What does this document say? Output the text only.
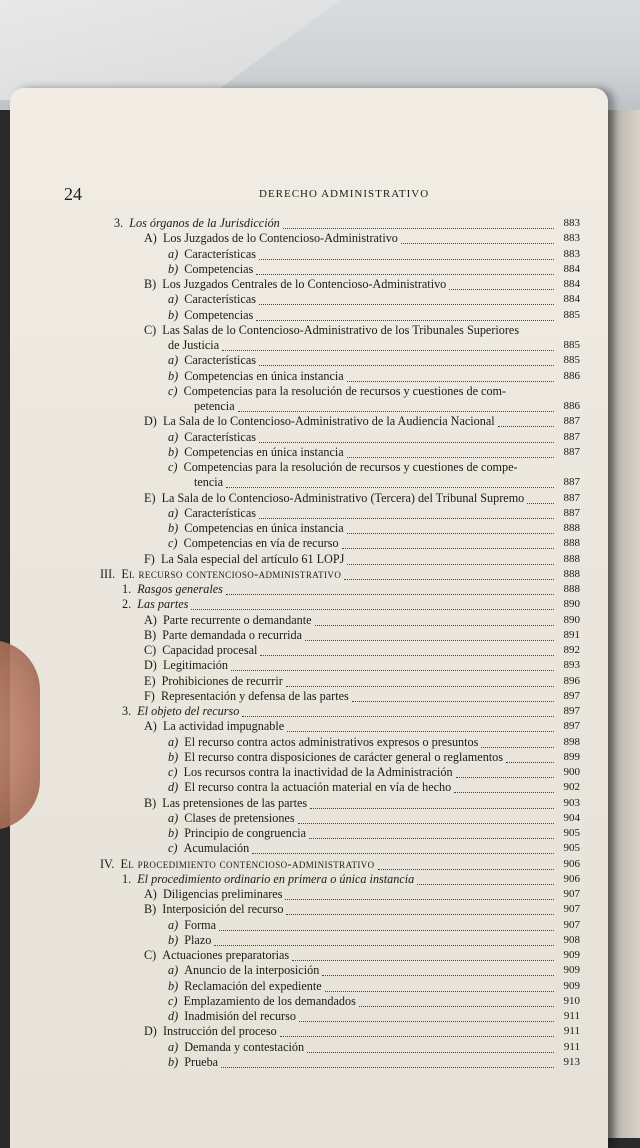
24	DERECHO ADMINISTRATIVO
3. Los órganos de la Jurisdicción	883
A) Los Juzgados de lo Contencioso-Administrativo	883
a) Características	883
b) Competencias	884
B) Los Juzgados Centrales de lo Contencioso-Administrativo	884
a) Características	884
b) Competencias	885
C) Las Salas de lo Contencioso-Administrativo de los Tribunales Superiores
de Justicia	885
a) Características	885
b) Competencias en única instancia	886
c) Competencias para la resolución de recursos y cuestiones de com-
petencia	886
D) La Sala de lo Contencioso-Administrativo de la Audiencia Nacional	887
a) Características	887
b) Competencias en única instancia	887
c) Competencias para la resolución de recursos y cuestiones de compe-
tencia	887
E) La Sala de lo Contencioso-Administrativo (Tercera) del Tribunal Supremo	887
a) Características	887
b) Competencias en única instancia	888
c) Competencias en vía de recurso	888
F) La Sala especial del artículo 61 LOPJ	888
III. El recurso contencioso-administrativo	888
1. Rasgos generales	888
2. Las partes	890
A) Parte recurrente o demandante	890
B) Parte demandada o recurrida	891
C) Capacidad procesal	892
D) Legitimación	893
E) Prohibiciones de recurrir	896
F) Representación y defensa de las partes	897
3. El objeto del recurso	897
A) La actividad impugnable	897
a) El recurso contra actos administrativos expresos o presuntos	898
b) El recurso contra disposiciones de carácter general o reglamentos	899
c) Los recursos contra la inactividad de la Administración	900
d) El recurso contra la actuación material en vía de hecho	902
B) Las pretensiones de las partes	903
a) Clases de pretensiones	904
b) Principio de congruencia	905
c) Acumulación	905
IV. El procedimiento contencioso-administrativo	906
1. El procedimiento ordinario en primera o única instancia	906
A) Diligencias preliminares	907
B) Interposición del recurso	907
a) Forma	907
b) Plazo	908
C) Actuaciones preparatorias	909
a) Anuncio de la interposición	909
b) Reclamación del expediente	909
c) Emplazamiento de los demandados	910
d) Inadmisión del recurso	911
D) Instrucción del proceso	911
a) Demanda y contestación	911
b) Prueba	913
